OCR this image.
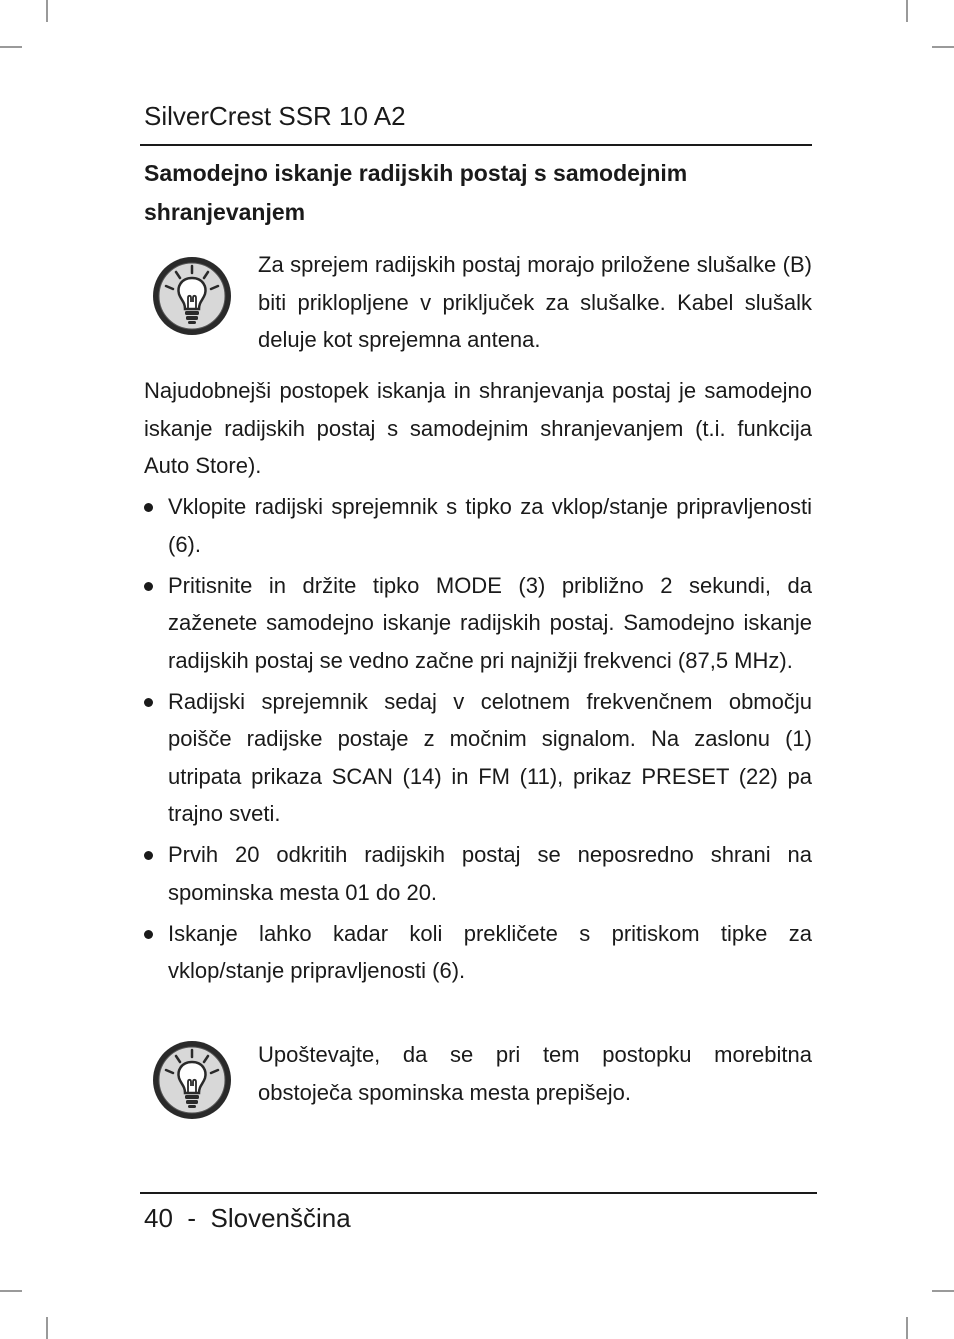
SilverCrest SSR 10 A2
Samodejno iskanje radijskih postaj s samodejnim shranjevanjem
Za sprejem radijskih postaj morajo priložene slušalke (B) biti priklopljene v priključek za slušalke. Kabel slušalk deluje kot sprejemna antena.
Najudobnejši postopek iskanja in shranjevanja postaj je samodejno iskanje radijskih postaj s samodejnim shranjevanjem (t.i. funkcija Auto Store).
Vklopite radijski sprejemnik s tipko za vklop/stanje pripravljenosti (6).
Pritisnite in držite tipko MODE (3) približno 2 sekundi, da zaženete samodejno iskanje radijskih postaj. Samodejno iskanje radijskih postaj se vedno začne pri najnižji frekvenci (87,5 MHz).
Radijski sprejemnik sedaj v celotnem frekvenčnem območju poišče radijske postaje z močnim signalom. Na zaslonu (1) utripata prikaza SCAN (14) in FM (11), prikaz PRESET (22) pa trajno sveti.
Prvih 20 odkritih radijskih postaj se neposredno shrani na spominska mesta 01 do 20.
Iskanje lahko kadar koli prekličete s pritiskom tipke za vklop/stanje pripravljenosti (6).
Upoštevajte, da se pri tem postopku morebitna
obstoječa spominska mesta prepišejo.
40 - Slovenščina
